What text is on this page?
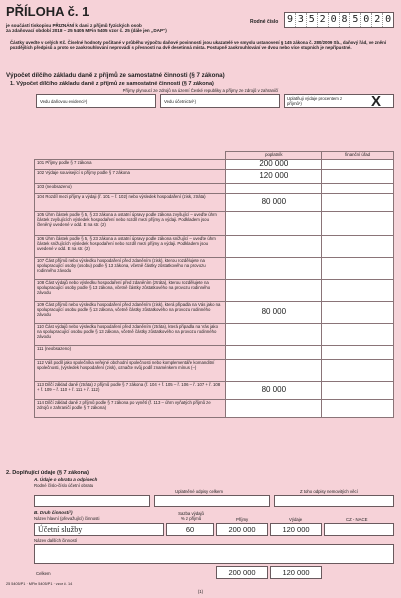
PŘÍLOHA č. 1
je součástí tiskopisu PŘIZNÁNÍ k dani z příjmů fyzických osob
za zdaňovací období 2018 – 25 5405 MFin 5405 vzor č. 25 (dále jen „DAP“)
Rodné číslo 9 3 5 2 0 8 5 0 2 0
Částky uvedte v celých Kč. Číselné hodnoty počítané v průběhu výpočtu daňové povinnosti jsou ukazatelé ve smyslu ustanovení § 145 zákona č. 280/2009 Sb., daňový řád, ve znění pozdějších předpisů a proto se zaokrouhlování neprovádí s přesností na dvě desetinná místa. Postupně zaokrouhlování ve dvou nebo více stupních je nepřípustné.
Výpočet dílčího základu daně z příjmů ze samostatné činnosti (§ 7 zákona)
1. Výpočet dílčího základu daně z příjmů ze samostatné činnosti (§ 7 zákona)
Příjmy plynoucí ze zdrojů na území České republiky a příjmy ze zdrojů v zahraničí
Vedu daňovou evidenci¹)	Vedu účetnictví¹)
Uplatňuji výdaje procentem z příjmů¹)	X
	poplatník	finanční úřad
101 Příjmy podle § 7 zákona	200 000	
102 Výdaje související s příjmy podle § 7 zákona	120 000	
103 (neobsazeno)		
104 Rozdíl mezi příjmy a výdaji (ř. 101 – ř. 102) nebo výsledek hospodaření (zisk, ztráta)	80 000	
105 Úhrn částek podle § 5, § 23 zákona a ostatní úpravy podle zákona zvyšující – uveďte úhrn částek zvyšujících výsledek hospodaření nebo rozdíl mezi příjmy a výdaji. Podkladem jsou členěný uvedené v odd. E na str. (2)		
106 Úhrn částek podle § 5, § 23 zákona a ostatní úpravy podle zákona snižující – uveďte úhrn částek snižujících výsledek hospodaření nebo rozdíl mezi příjmy a výdaji. Podkladem jsou uvedené v odd. E na str. (2)		
107 Část příjmů nebo výsledku hospodaření před zdaněním (zisk), kterou rozdělujete na spolupracující osoby (osobu) podle § 13 zákona, včetně částky zůstatkového na provozu rodinného závodu		
108 Část výdajů nebo výsledku hospodaření před zdaněním (ztráta), kterou rozdělujete na spolupracující osoby podle § 13 zákona, včetně částky zůstatkového na provozu rodinného závodu		
109 Část příjmů nebo výsledku hospodaření před zdaněním (zisk), která připadla na Vás jako na spolupracující osobu podle § 13 zákona, včetně částky zůstatkového na provozu rodinného závodu	80 000	
110 Část výdajů nebo výsledku hospodaření před zdaněním (ztráta), která připadla na Vás jako na spolupracující osobu podle § 13 zákona, včetně částky zůstatkového na provozu rodinného závodu		
111 (neobsazeno)		
112 Váš podíl jako společníka veřejné obchodní společnosti nebo komplementáře komanditní společnosti, (výsledek hospodaření (zisk), označte svůj podíl znaménkem mínus (–)		
113 Dílčí základ daně (ztráta) z příjmů podle § 7 zákona (ř. 104 + ř. 105 – ř. 106 – ř. 107 + ř. 108 + ř. 109 – ř. 110 + ř. 111 + ř. 112)	80 000	
114 Dílčí základ daně z příjmů podle § 7 zákona po vynětí (ř. 113 – úhrn vyňatých příjmů ze zdrojů v zahraničí podle § 7 zákona)		
2. Doplňující údaje (§ 7 zákona)
A. Údaje o obratu a odpisech
Rodné číslo-číslo účetní obratu
Uplatněné odpisy celkem	Z toho odpisy nemovitých věcí
B. Druh činnosti¹)
Název hlavní (převažující) činnosti
Sazba výdajů % z příjmů	Příjmy	Výdaje	CZ - NACE
Účetní služby	60	200 000	120 000
Název dalších činností
Celkem	200 000	120 000
25 5405/P1 · MFin 5405/P1 · vzor č. 14
(1)
